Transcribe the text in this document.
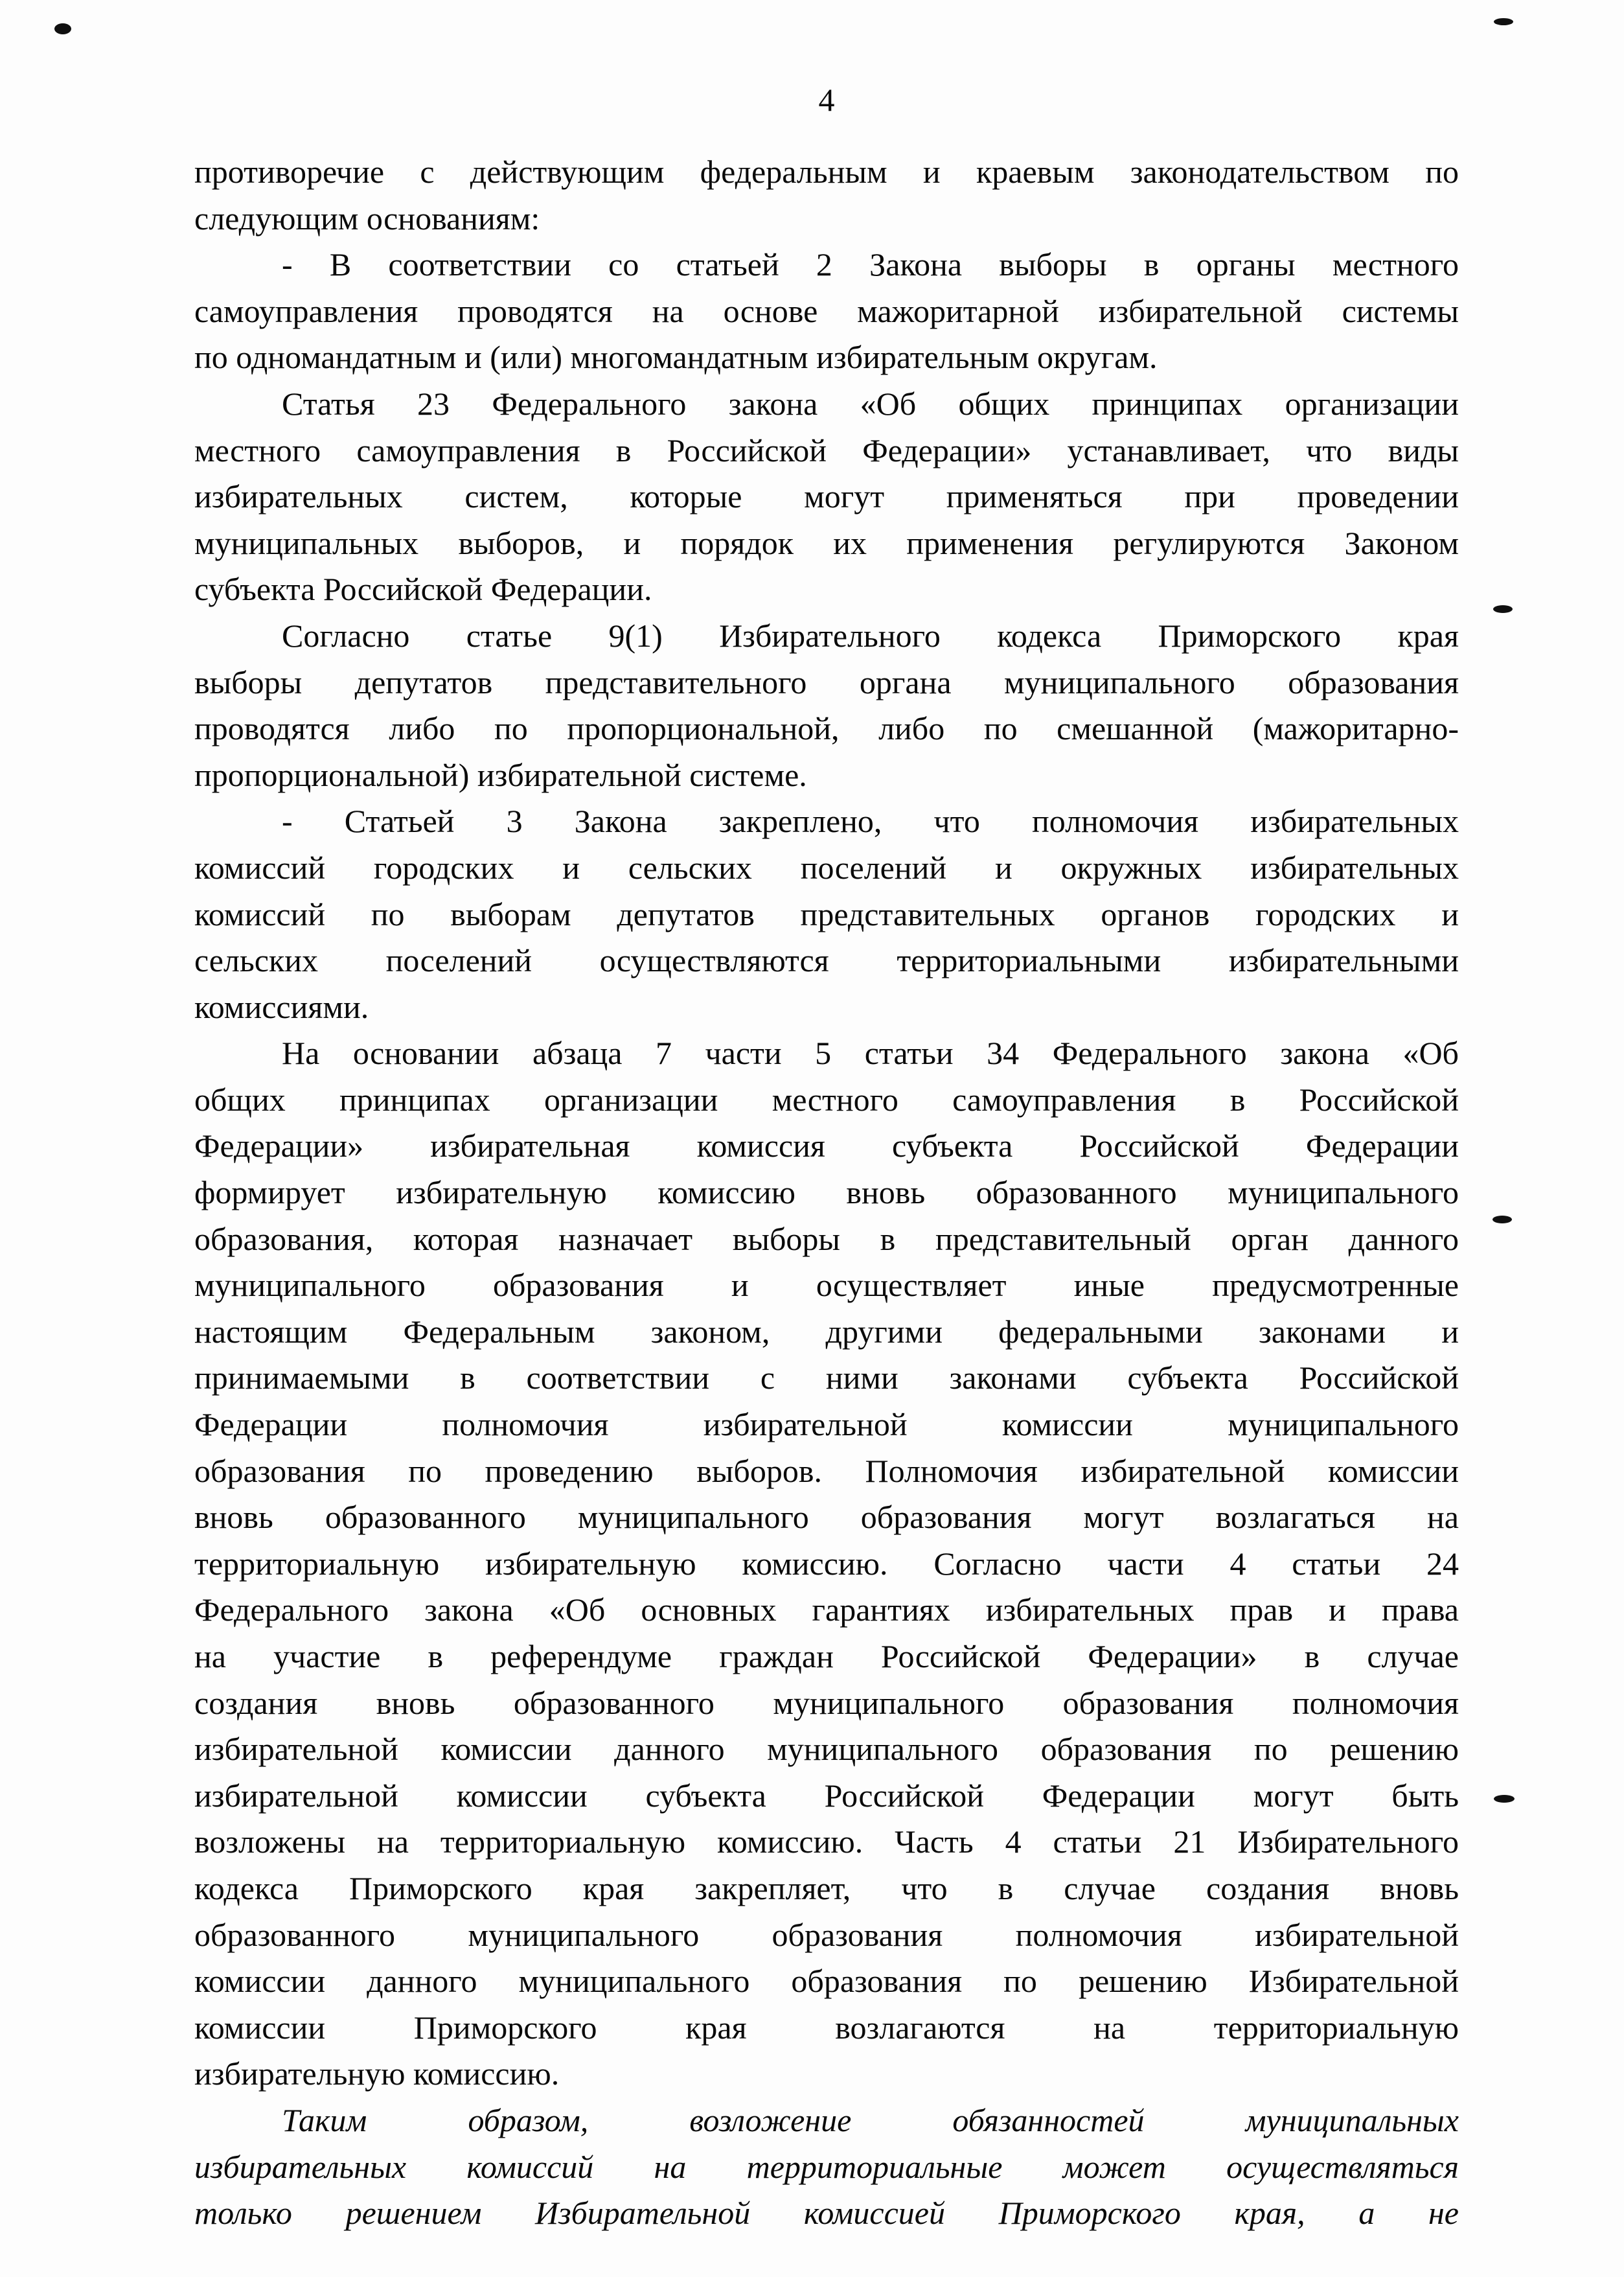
4
противоречие с действующим федеральным и краевым законодательством по
следующим основаниям:
- В соответствии со статьей 2 Закона выборы в органы местного
самоуправления проводятся на основе мажоритарной избирательной системы
по одномандатным и (или) многомандатным избирательным округам.
Статья 23 Федерального закона «Об общих принципах организации
местного самоуправления в Российской Федерации» устанавливает, что виды
избирательных систем, которые могут применяться при проведении
муниципальных выборов, и порядок их применения регулируются Законом
субъекта Российской Федерации.
Согласно статье 9(1) Избирательного кодекса Приморского края
выборы депутатов представительного органа муниципального образования
проводятся либо по пропорциональной, либо по смешанной (мажоритарно-
пропорциональной) избирательной системе.
- Статьей 3 Закона закреплено, что полномочия избирательных
комиссий городских и сельских поселений и окружных избирательных
комиссий по выборам депутатов представительных органов городских и
сельских поселений осуществляются территориальными избирательными
комиссиями.
На основании абзаца 7 части 5 статьи 34 Федерального закона «Об
общих принципах организации местного самоуправления в Российской
Федерации» избирательная комиссия субъекта Российской Федерации
формирует избирательную комиссию вновь образованного муниципального
образования, которая назначает выборы в представительный орган данного
муниципального образования и осуществляет иные предусмотренные
настоящим Федеральным законом, другими федеральными законами и
принимаемыми в соответствии с ними законами субъекта Российской
Федерации полномочия избирательной комиссии муниципального
образования по проведению выборов. Полномочия избирательной комиссии
вновь образованного муниципального образования могут возлагаться на
территориальную избирательную комиссию. Согласно части 4 статьи 24
Федерального закона «Об основных гарантиях избирательных прав и права
на участие в референдуме граждан Российской Федерации» в случае
создания вновь образованного муниципального образования полномочия
избирательной комиссии данного муниципального образования по решению
избирательной комиссии субъекта Российской Федерации могут быть
возложены на территориальную комиссию. Часть 4 статьи 21 Избирательного
кодекса Приморского края закрепляет, что в случае создания вновь
образованного муниципального образования полномочия избирательной
комиссии данного муниципального образования по решению Избирательной
комиссии Приморского края возлагаются на территориальную
избирательную комиссию.
Таким образом, возложение обязанностей муниципальных
избирательных комиссий на территориальные может осуществляться
только решением Избирательной комиссией Приморского края, а не
